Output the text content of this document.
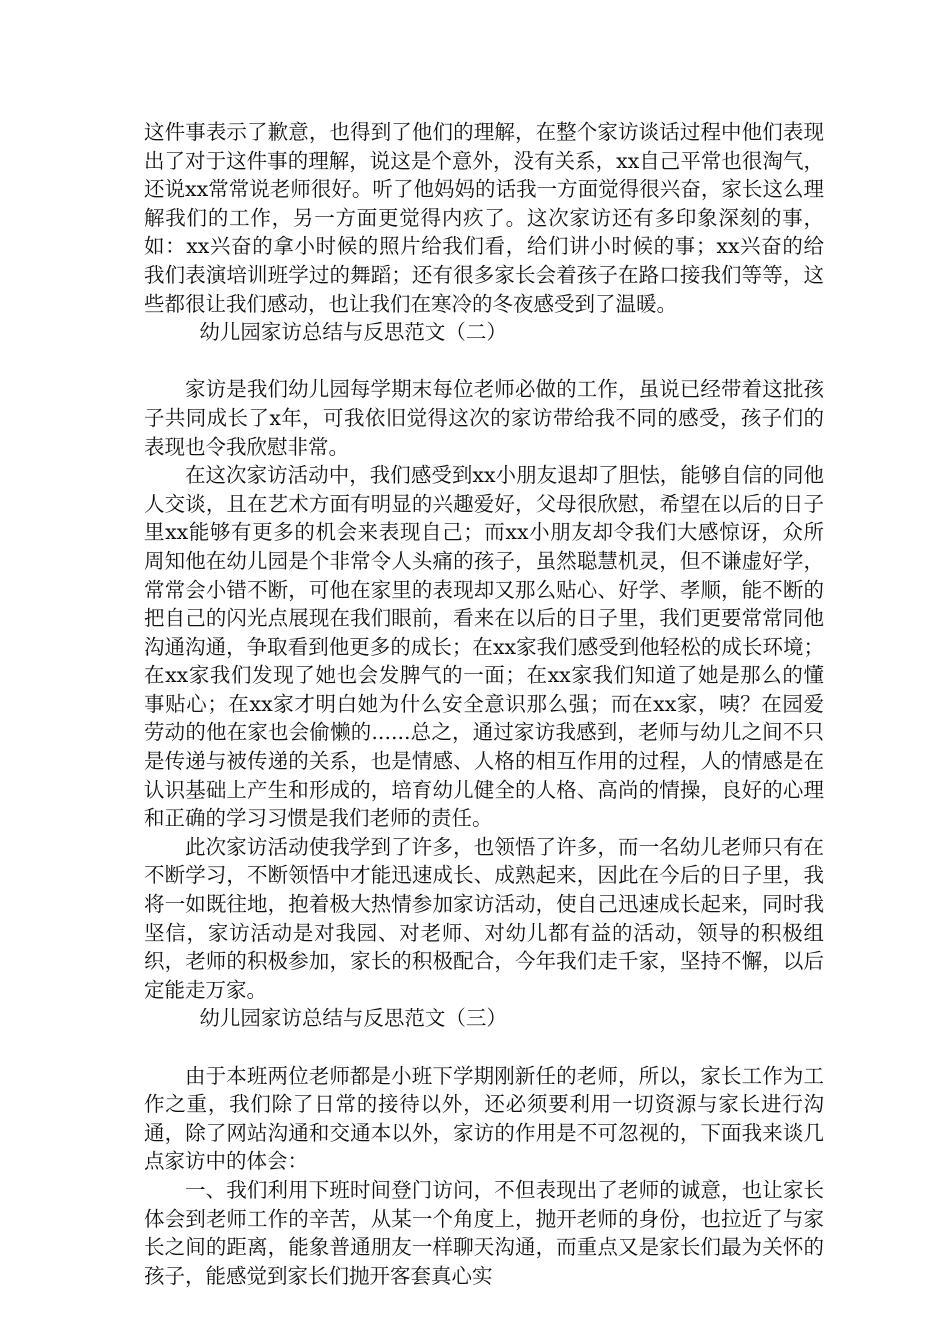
这件事表示了歉意，也得到了他们的理解，在整个家访谈话过程中他们表现出了对于这件事的理解，说这是个意外，没有关系，xx自己平常也很淘气，还说xx常常说老师很好。听了他妈妈的话我一方面觉得很兴奋，家长这么理解我们的工作，另一方面更觉得内疚了。这次家访还有多印象深刻的事，如：xx兴奋的拿小时候的照片给我们看，给们讲小时候的事；xx兴奋的给我们表演培训班学过的舞蹈；还有很多家长会着孩子在路口接我们等等，这些都很让我们感动，也让我们在寒冷的冬夜感受到了温暖。

幼儿园家访总结与反思范文（二）

家访是我们幼儿园每学期末每位老师必做的工作，虽说已经带着这批孩子共同成长了x年，可我依旧觉得这次的家访带给我不同的感受，孩子们的表现也令我欣慰非常。

在这次家访活动中，我们感受到xx小朋友退却了胆怯，能够自信的同他人交谈，且在艺术方面有明显的兴趣爱好，父母很欣慰，希望在以后的日子里xx能够有更多的机会来表现自己；而xx小朋友却令我们大感惊讶，众所周知他在幼儿园是个非常令人头痛的孩子，虽然聪慧机灵，但不谦虚好学，常常会小错不断，可他在家里的表现却又那么贴心、好学、孝顺，能不断的把自己的闪光点展现在我们眼前，看来在以后的日子里，我们更要常常同他沟通沟通，争取看到他更多的成长；在xx家我们感受到他轻松的成长环境；在xx家我们发现了她也会发脾气的一面；在xx家我们知道了她是那么的懂事贴心；在xx家才明白她为什么安全意识那么强；而在xx家，咦？在园爱劳动的他在家也会偷懒的......总之，通过家访我感到，老师与幼儿之间不只是传递与被传递的关系，也是情感、人格的相互作用的过程，人的情感是在认识基础上产生和形成的，培育幼儿健全的人格、高尚的情操，良好的心理和正确的学习习惯是我们老师的责任。

此次家访活动使我学到了许多，也领悟了许多，而一名幼儿老师只有在不断学习，不断领悟中才能迅速成长、成熟起来，因此在今后的日子里，我将一如既往地，抱着极大热情参加家访活动，使自己迅速成长起来，同时我坚信，家访活动是对我园、对老师、对幼儿都有益的活动，领导的积极组织，老师的积极参加，家长的积极配合，今年我们走千家，坚持不懈，以后定能走万家。

幼儿园家访总结与反思范文（三）

由于本班两位老师都是小班下学期刚新任的老师，所以，家长工作为工作之重，我们除了日常的接待以外，还必须要利用一切资源与家长进行沟通，除了网站沟通和交通本以外，家访的作用是不可忽视的，下面我来谈几点家访中的体会：

一、我们利用下班时间登门访问，不但表现出了老师的诚意，也让家长体会到老师工作的辛苦，从某一个角度上，抛开老师的身份，也拉近了与家长之间的距离，能象普通朋友一样聊天沟通，而重点又是家长们最为关怀的孩子，能感觉到家长们抛开客套真心实
